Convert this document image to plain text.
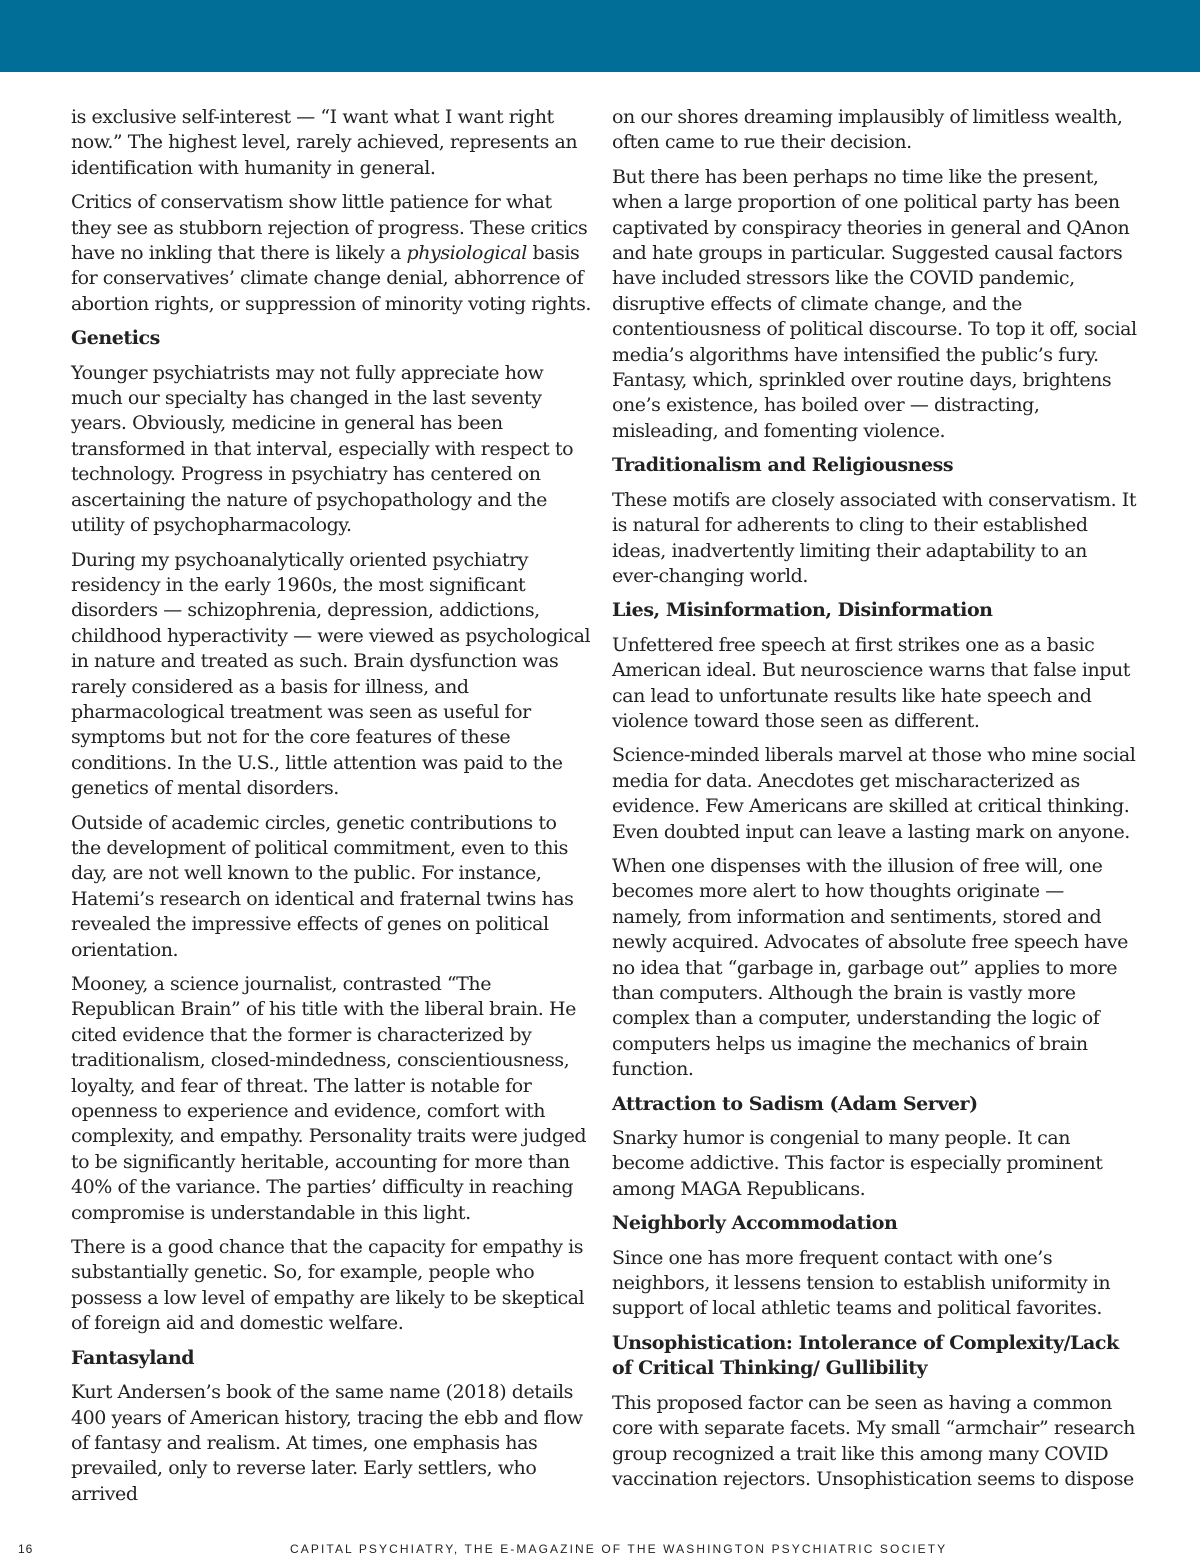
is exclusive self-interest — “I want what I want right now.” The highest level, rarely achieved, represents an identification with humanity in general.

Critics of conservatism show little patience for what they see as stubborn rejection of progress. These critics have no inkling that there is likely a physiological basis for conservatives’ climate change denial, abhorrence of abortion rights, or suppression of minority voting rights.

Genetics

Younger psychiatrists may not fully appreciate how much our specialty has changed in the last seventy years. Obviously, medicine in general has been transformed in that interval, especially with respect to technology. Progress in psychiatry has centered on ascertaining the nature of psychopathology and the utility of psychopharmacology.

During my psychoanalytically oriented psychiatry residency in the early 1960s, the most significant disorders — schizophrenia, depression, addictions, childhood hyperactivity — were viewed as psychological in nature and treated as such. Brain dysfunction was rarely considered as a basis for illness, and pharmacological treatment was seen as useful for symptoms but not for the core features of these conditions. In the U.S., little attention was paid to the genetics of mental disorders.

Outside of academic circles, genetic contributions to the development of political commitment, even to this day, are not well known to the public. For instance, Hatemi’s research on identical and fraternal twins has revealed the impressive effects of genes on political orientation.

Mooney, a science journalist, contrasted “The Republican Brain” of his title with the liberal brain. He cited evidence that the former is characterized by traditionalism, closed-mindedness, conscientiousness, loyalty, and fear of threat. The latter is notable for openness to experience and evidence, comfort with complexity, and empathy. Personality traits were judged to be significantly heritable, accounting for more than 40% of the variance. The parties’ difficulty in reaching compromise is understandable in this light.

There is a good chance that the capacity for empathy is substantially genetic. So, for example, people who possess a low level of empathy are likely to be skeptical of foreign aid and domestic welfare.

Fantasyland

Kurt Andersen’s book of the same name (2018) details 400 years of American history, tracing the ebb and flow of fantasy and realism. At times, one emphasis has prevailed, only to reverse later. Early settlers, who arrived

on our shores dreaming implausibly of limitless wealth, often came to rue their decision.

But there has been perhaps no time like the present, when a large proportion of one political party has been captivated by conspiracy theories in general and QAnon and hate groups in particular. Suggested causal factors have included stressors like the COVID pandemic, disruptive effects of climate change, and the contentiousness of political discourse. To top it off, social media’s algorithms have intensified the public’s fury. Fantasy, which, sprinkled over routine days, brightens one’s existence, has boiled over — distracting, misleading, and fomenting violence.

Traditionalism and Religiousness

These motifs are closely associated with conservatism. It is natural for adherents to cling to their established ideas, inadvertently limiting their adaptability to an ever-changing world.

Lies, Misinformation, Disinformation

Unfettered free speech at first strikes one as a basic American ideal. But neuroscience warns that false input can lead to unfortunate results like hate speech and violence toward those seen as different.

Science-minded liberals marvel at those who mine social media for data. Anecdotes get mischaracterized as evidence. Few Americans are skilled at critical thinking. Even doubted input can leave a lasting mark on anyone.

When one dispenses with the illusion of free will, one becomes more alert to how thoughts originate — namely, from information and sentiments, stored and newly acquired. Advocates of absolute free speech have no idea that “garbage in, garbage out” applies to more than computers. Although the brain is vastly more complex than a computer, understanding the logic of computers helps us imagine the mechanics of brain function.

Attraction to Sadism (Adam Server)

Snarky humor is congenial to many people. It can become addictive. This factor is especially prominent among MAGA Republicans.

Neighborly Accommodation

Since one has more frequent contact with one’s neighbors, it lessens tension to establish uniformity in support of local athletic teams and political favorites.

Unsophistication: Intolerance of Complexity/Lack of Critical Thinking/ Gullibility

This proposed factor can be seen as having a common core with separate facets. My small “armchair” research group recognized a trait like this among many COVID vaccination rejectors. Unsophistication seems to dispose

16	CAPITAL PSYCHIATRY, THE E-MAGAZINE OF THE WASHINGTON PSYCHIATRIC SOCIETY
